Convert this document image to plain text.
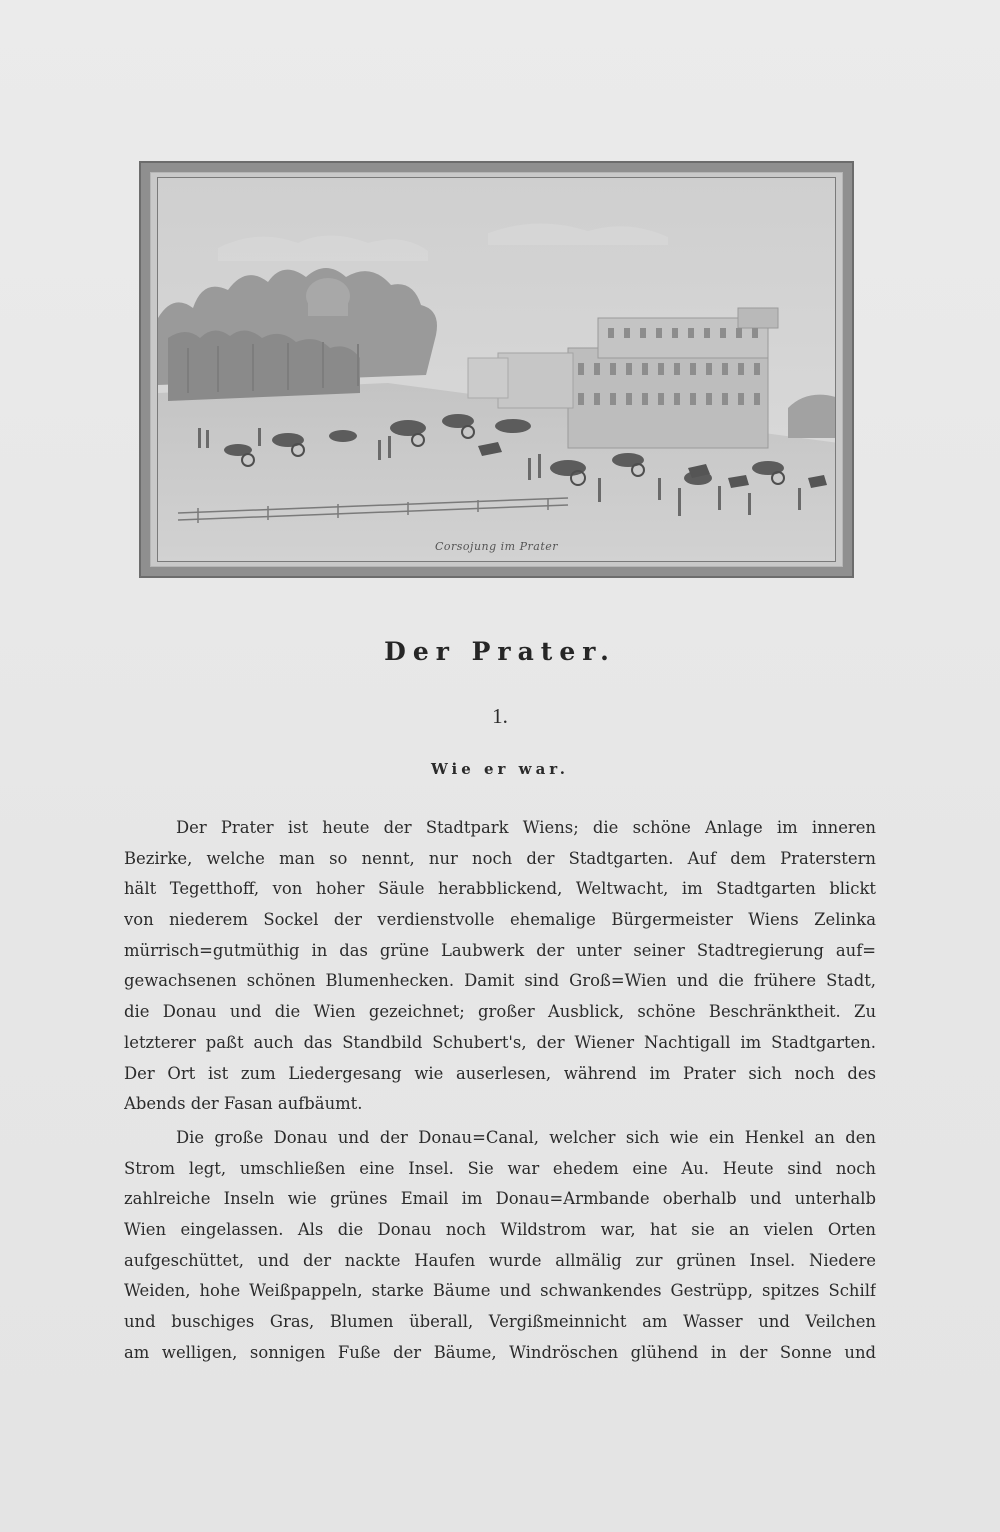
Corsojung im Prater
Der Prater.
1.
Wie er war.
Der Prater ist heute der Stadtpark Wiens; die schöne Anlage im inneren
Bezirke, welche man so nennt, nur noch der Stadtgarten. Auf dem Praterstern
hält Tegetthoff, von hoher Säule herabblickend, Weltwacht, im Stadtgarten blickt
von niederem Sockel der verdienstvolle ehemalige Bürgermeister Wiens Zelinka
mürrisch=gutmüthig in das grüne Laubwerk der unter seiner Stadtregierung auf=
gewachsenen schönen Blumenhecken. Damit sind Groß=Wien und die frühere Stadt,
die Donau und die Wien gezeichnet; großer Ausblick, schöne Beschränktheit. Zu
letzterer paßt auch das Standbild Schubert's, der Wiener Nachtigall im Stadtgarten.
Der Ort ist zum Liedergesang wie auserlesen, während im Prater sich noch des
Abends der Fasan aufbäumt.
Die große Donau und der Donau=Canal, welcher sich wie ein Henkel an den
Strom legt, umschließen eine Insel. Sie war ehedem eine Au. Heute sind noch
zahlreiche Inseln wie grünes Email im Donau=Armbande oberhalb und unterhalb
Wien eingelassen. Als die Donau noch Wildstrom war, hat sie an vielen Orten
aufgeschüttet, und der nackte Haufen wurde allmälig zur grünen Insel. Niedere
Weiden, hohe Weißpappeln, starke Bäume und schwankendes Gestrüpp, spitzes Schilf
und buschiges Gras, Blumen überall, Vergißmeinnicht am Wasser und Veilchen
am welligen, sonnigen Fuße der Bäume, Windröschen glühend in der Sonne und
